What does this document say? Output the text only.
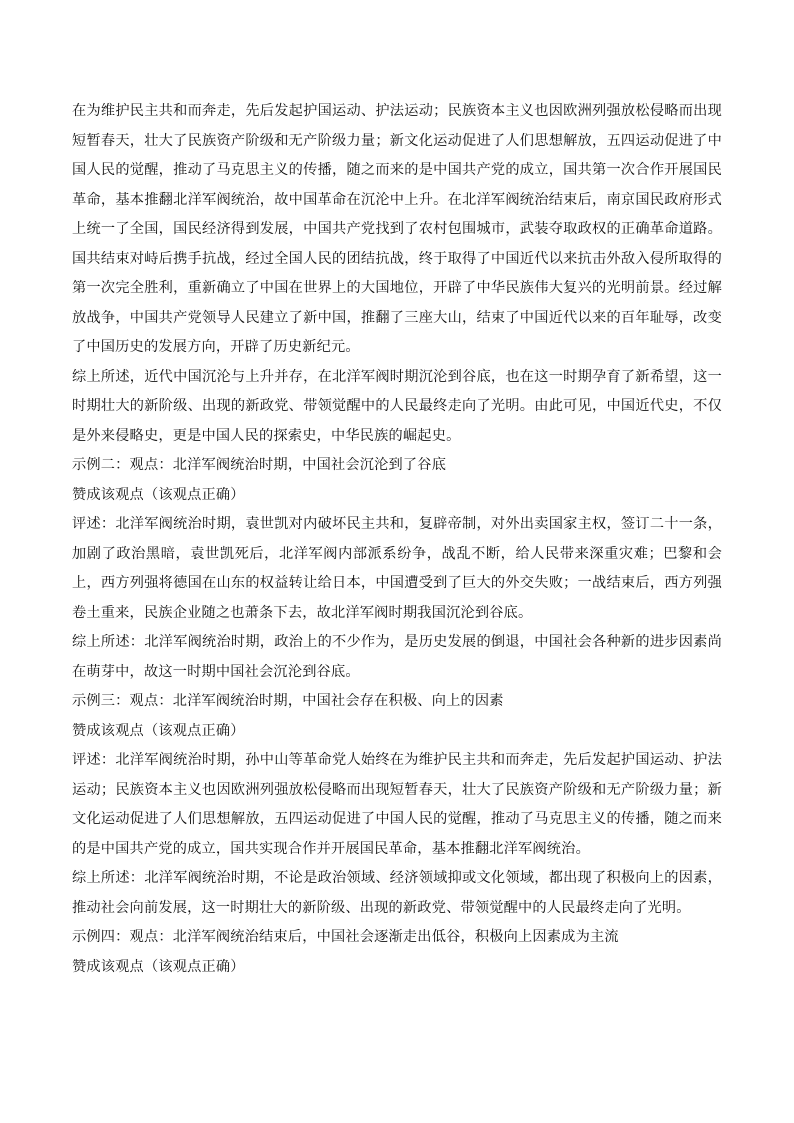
在为维护民主共和而奔走，先后发起护国运动、护法运动；民族资本主义也因欧洲列强放松侵略而出现短暂春天，壮大了民族资产阶级和无产阶级力量；新文化运动促进了人们思想解放，五四运动促进了中国人民的觉醒，推动了马克思主义的传播，随之而来的是中国共产党的成立，国共第一次合作开展国民革命，基本推翻北洋军阀统治，故中国革命在沉沦中上升。在北洋军阀统治结束后，南京国民政府形式上统一了全国，国民经济得到发展，中国共产党找到了农村包围城市，武装夺取政权的正确革命道路。国共结束对峙后携手抗战，经过全国人民的团结抗战，终于取得了中国近代以来抗击外敌入侵所取得的第一次完全胜利，重新确立了中国在世界上的大国地位，开辟了中华民族伟大复兴的光明前景。经过解放战争，中国共产党领导人民建立了新中国，推翻了三座大山，结束了中国近代以来的百年耻辱，改变了中国历史的发展方向，开辟了历史新纪元。

综上所述，近代中国沉沦与上升并存，在北洋军阀时期沉沦到谷底，也在这一时期孕育了新希望，这一时期壮大的新阶级、出现的新政党、带领觉醒中的人民最终走向了光明。由此可见，中国近代史，不仅是外来侵略史，更是中国人民的探索史，中华民族的崛起史。

示例二：观点：北洋军阀统治时期，中国社会沉沦到了谷底

赞成该观点（该观点正确）

评述：北洋军阀统治时期，袁世凯对内破坏民主共和，复辟帝制，对外出卖国家主权，签订二十一条，加剧了政治黑暗，袁世凯死后，北洋军阀内部派系纷争，战乱不断，给人民带来深重灾难；巴黎和会上，西方列强将德国在山东的权益转让给日本，中国遭受到了巨大的外交失败；一战结束后，西方列强卷土重来，民族企业随之也萧条下去，故北洋军阀时期我国沉沦到谷底。

综上所述：北洋军阀统治时期，政治上的不少作为，是历史发展的倒退，中国社会各种新的进步因素尚在萌芽中，故这一时期中国社会沉沦到谷底。

示例三：观点：北洋军阀统治时期，中国社会存在积极、向上的因素

赞成该观点（该观点正确）

评述：北洋军阀统治时期，孙中山等革命党人始终在为维护民主共和而奔走，先后发起护国运动、护法运动；民族资本主义也因欧洲列强放松侵略而出现短暂春天，壮大了民族资产阶级和无产阶级力量；新文化运动促进了人们思想解放，五四运动促进了中国人民的觉醒，推动了马克思主义的传播，随之而来的是中国共产党的成立，国共实现合作并开展国民革命，基本推翻北洋军阀统治。

综上所述：北洋军阀统治时期，不论是政治领域、经济领域抑或文化领域，都出现了积极向上的因素，推动社会向前发展，这一时期壮大的新阶级、出现的新政党、带领觉醒中的人民最终走向了光明。

示例四：观点：北洋军阀统治结束后，中国社会逐渐走出低谷，积极向上因素成为主流

赞成该观点（该观点正确）
